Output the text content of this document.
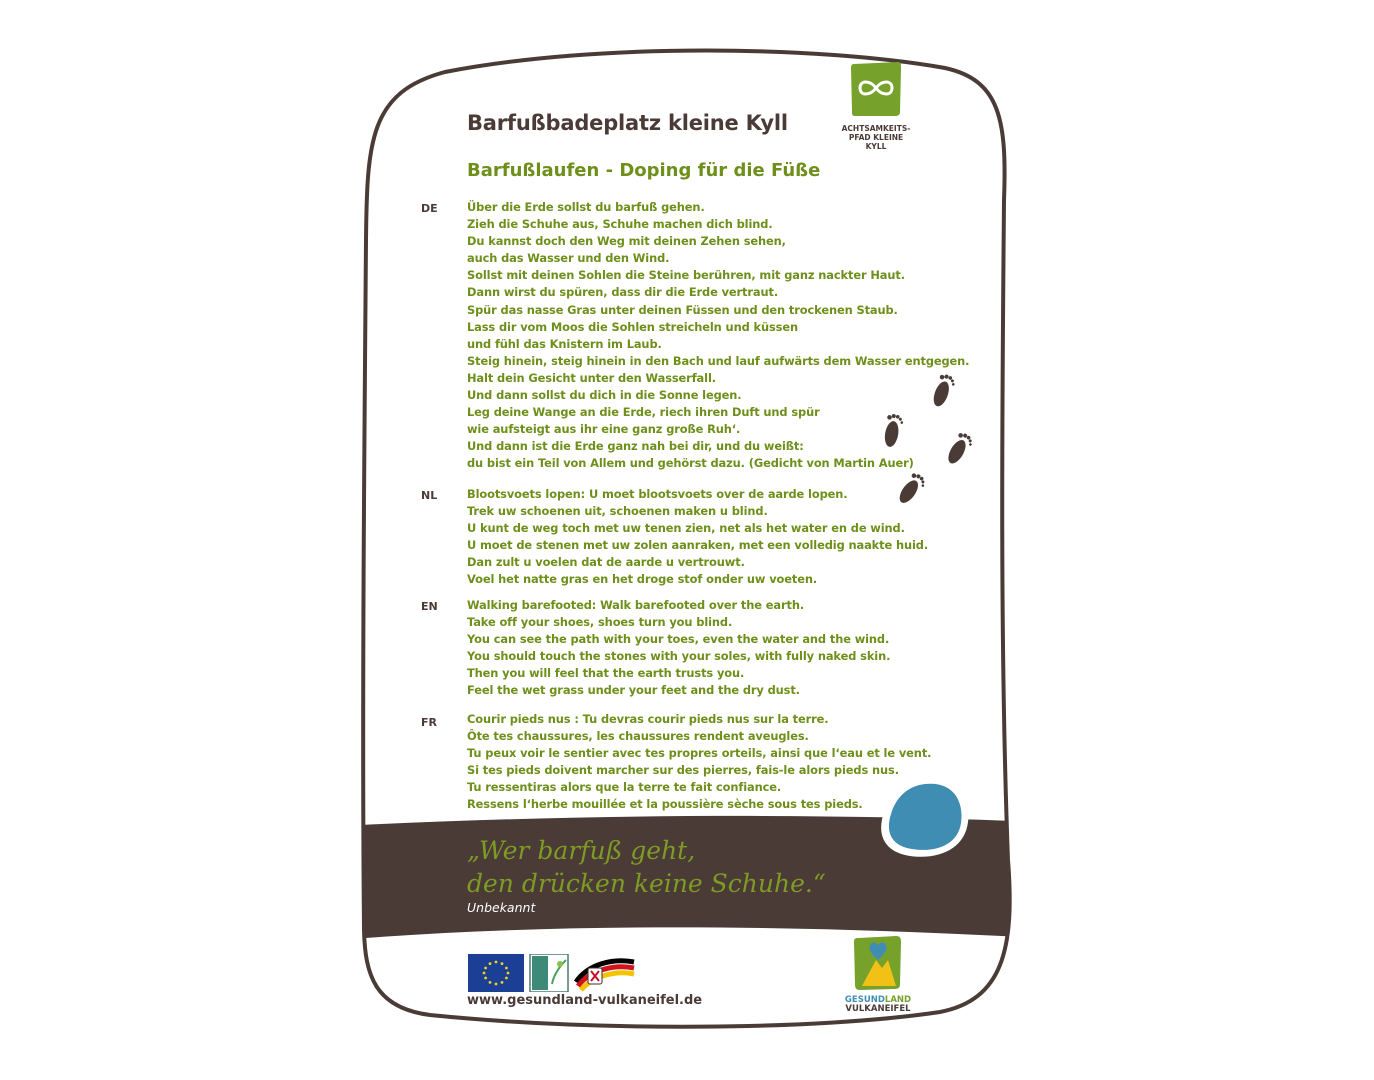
ACHTSAMKEITS-
PFAD KLEINE KYLL
Barfußbadeplatz kleine Kyll
Barfußlaufen - Doping für die Füße
DE	Über die Erde sollst du barfuß gehen.
Zieh die Schuhe aus, Schuhe machen dich blind.
Du kannst doch den Weg mit deinen Zehen sehen,
auch das Wasser und den Wind.
Sollst mit deinen Sohlen die Steine berühren, mit ganz nackter Haut.
Dann wirst du spüren, dass dir die Erde vertraut.
Spür das nasse Gras unter deinen Füssen und den trockenen Staub.
Lass dir vom Moos die Sohlen streicheln und küssen
und fühl das Knistern im Laub.
Steig hinein, steig hinein in den Bach und lauf aufwärts dem Wasser entgegen.
Halt dein Gesicht unter den Wasserfall.
Und dann sollst du dich in die Sonne legen.
Leg deine Wange an die Erde, riech ihren Duft und spür
wie aufsteigt aus ihr eine ganz große Ruh‘.
Und dann ist die Erde ganz nah bei dir, und du weißt:
du bist ein Teil von Allem und gehörst dazu. (Gedicht von Martin Auer)
NL	Blootsvoets lopen: U moet blootsvoets over de aarde lopen.
Trek uw schoenen uit, schoenen maken u blind.
U kunt de weg toch met uw tenen zien, net als het water en de wind.
U moet de stenen met uw zolen aanraken, met een volledig naakte huid.
Dan zult u voelen dat de aarde u vertrouwt.
Voel het natte gras en het droge stof onder uw voeten.
EN	Walking barefooted: Walk barefooted over the earth.
Take off your shoes, shoes turn you blind.
You can see the path with your toes, even the water and the wind.
You should touch the stones with your soles, with fully naked skin.
Then you will feel that the earth trusts you.
Feel the wet grass under your feet and the dry dust.
FR	Courir pieds nus : Tu devras courir pieds nus sur la terre.
Ôte tes chaussures, les chaussures rendent aveugles.
Tu peux voir le sentier avec tes propres orteils, ainsi que l‘eau et le vent.
Si tes pieds doivent marcher sur des pierres, fais-le alors pieds nus.
Tu ressentiras alors que la terre te fait confiance.
Ressens l‘herbe mouillée et la poussière sèche sous tes pieds.
„Wer barfuß geht,
den drücken keine Schuhe.“
Unbekannt
www.gesundland-vulkaneifel.de	GESUNDLAND
VULKANEIFEL
